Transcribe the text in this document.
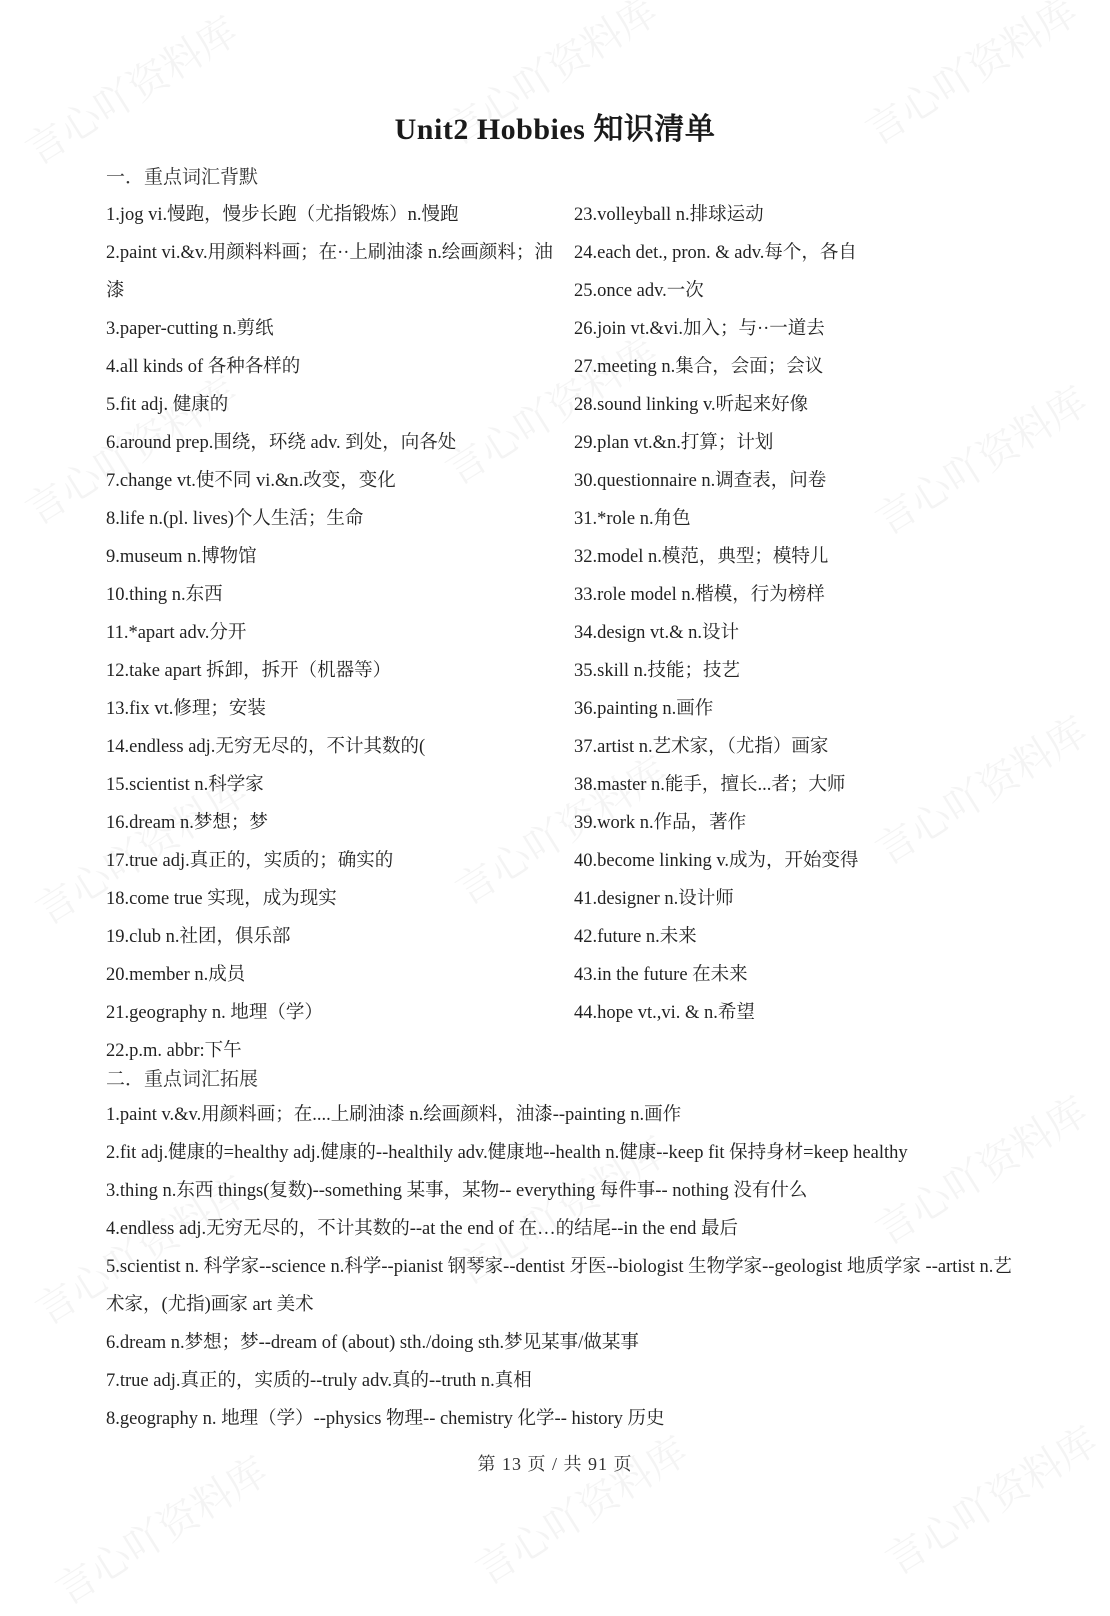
Unit2 Hobbies 知识清单
一．重点词汇背默
1.jog vi.慢跑，慢步长跑（尤指锻炼）n.慢跑
2.paint vi.&v.用颜料料画；在··上刷油漆 n.绘画颜料；油漆
3.paper-cutting n.剪纸
4.all kinds of 各种各样的
5.fit adj. 健康的
6.around prep.围绕，环绕 adv. 到处，向各处
7.change vt.使不同 vi.&n.改变，变化
8.life n.(pl. lives)个人生活；生命
9.museum n.博物馆
10.thing n.东西
11.*apart adv.分开
12.take apart 拆卸，拆开（机器等）
13.fix vt.修理；安装
14.endless adj.无穷无尽的，不计其数的(
15.scientist n.科学家
16.dream n.梦想；梦
17.true adj.真正的，实质的；确实的
18.come true 实现，成为现实
19.club n.社团，俱乐部
20.member n.成员
21.geography n. 地理（学）
22.p.m. abbr:下午
23.volleyball n.排球运动
24.each det., pron. & adv.每个，各自
25.once adv.一次
26.join vt.&vi.加入；与··一道去
27.meeting n.集合，会面；会议
28.sound linking v.听起来好像
29.plan vt.&n.打算；计划
30.questionnaire n.调查表，问卷
31.*role n.角色
32.model n.模范，典型；模特儿
33.role model n.楷模，行为榜样
34.design vt.& n.设计
35.skill n.技能；技艺
36.painting n.画作
37.artist n.艺术家，（尤指）画家
38.master n.能手，擅长...者；大师
39.work n.作品，著作
40.become linking v.成为，开始变得
41.designer n.设计师
42.future n.未来
43.in the future 在未来
44.hope vt.,vi. & n.希望
二．重点词汇拓展
1.paint v.&v.用颜料画；在....上刷油漆 n.绘画颜料，油漆--painting n.画作
2.fit adj.健康的=healthy adj.健康的--healthily adv.健康地--health n.健康--keep fit 保持身材=keep healthy
3.thing n.东西 things(复数)--something 某事，某物-- everything 每件事-- nothing 没有什么
4.endless adj.无穷无尽的，不计其数的--at the end of 在…的结尾--in the end 最后
5.scientist n. 科学家--science n.科学--pianist 钢琴家--dentist 牙医--biologist 生物学家--geologist 地质学家 --artist n.艺术家，(尤指)画家 art 美术
6.dream n.梦想；梦--dream of (about) sth./doing sth.梦见某事/做某事
7.true adj.真正的，实质的--truly adv.真的--truth n.真相
8.geography n. 地理（学）--physics 物理-- chemistry 化学-- history 历史
第 13 页 / 共 91 页
